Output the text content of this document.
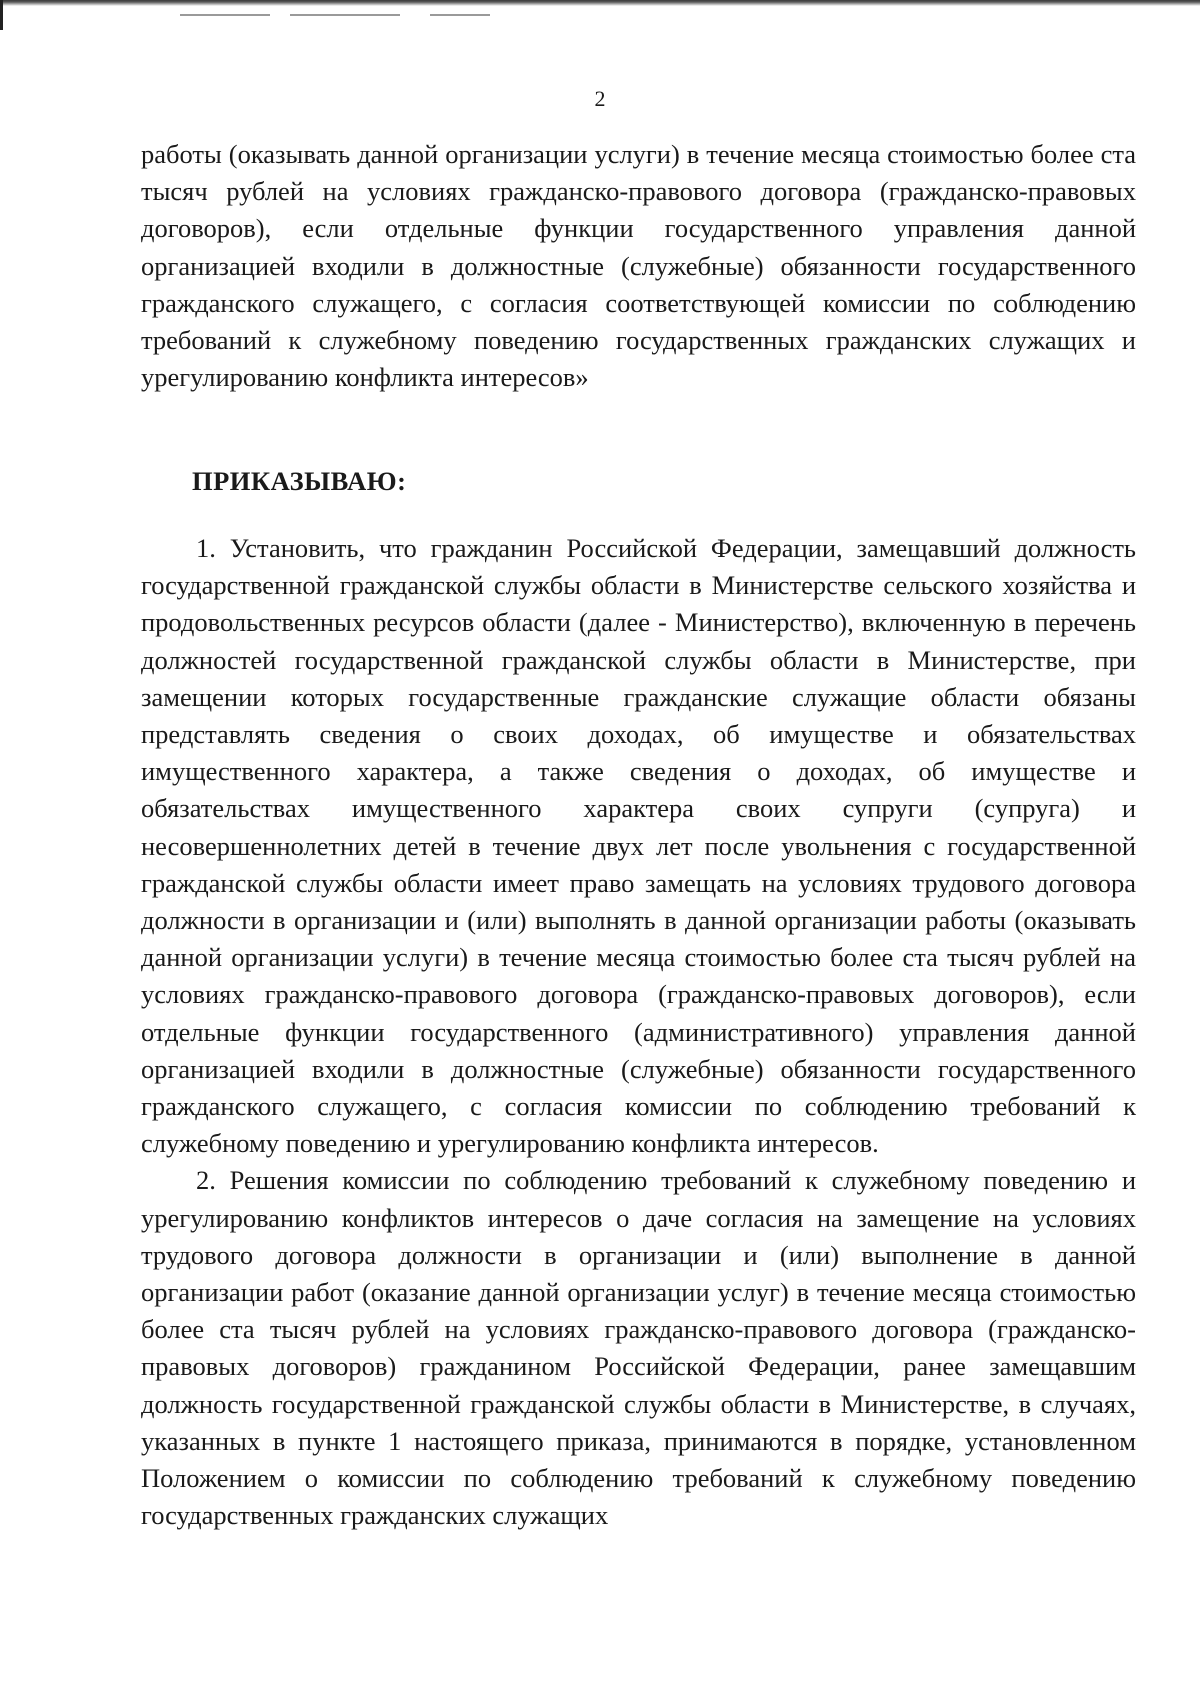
2

работы (оказывать данной организации услуги) в течение месяца стоимостью более ста тысяч рублей на условиях гражданско-правового договора (гражданско-правовых договоров), если отдельные функции государственного управления данной организацией входили в должностные (служебные) обязанности государственного гражданского служащего, с согласия соответствующей комиссии по соблюдению требований к служебному поведению государственных гражданских служащих и урегулированию конфликта интересов»

ПРИКАЗЫВАЮ:

1. Установить, что гражданин Российской Федерации, замещавший должность государственной гражданской службы области в Министерстве сельского хозяйства и продовольственных ресурсов области (далее - Министерство), включенную в перечень должностей государственной гражданской службы области в Министерстве, при замещении которых государственные гражданские служащие области обязаны представлять сведения о своих доходах, об имуществе и обязательствах имущественного характера, а также сведения о доходах, об имуществе и обязательствах имущественного характера своих супруги (супруга) и несовершеннолетних детей в течение двух лет после увольнения с государственной гражданской службы области имеет право замещать на условиях трудового договора должности в организации и (или) выполнять в данной организации работы (оказывать данной организации услуги) в течение месяца стоимостью более ста тысяч рублей на условиях гражданско-правового договора (гражданско-правовых договоров), если отдельные функции государственного (административного) управления данной организацией входили в должностные (служебные) обязанности государственного гражданского служащего, с согласия комиссии по соблюдению требований к служебному поведению и урегулированию конфликта интересов.

2. Решения комиссии по соблюдению требований к служебному поведению и урегулированию конфликтов интересов о даче согласия на замещение на условиях трудового договора должности в организации и (или) выполнение в данной организации работ (оказание данной организации услуг) в течение месяца стоимостью более ста тысяч рублей на условиях гражданско-правового договора (гражданско-правовых договоров) гражданином Российской Федерации, ранее замещавшим должность государственной гражданской службы области в Министерстве, в случаях, указанных в пункте 1 настоящего приказа, принимаются в порядке, установленном Положением о комиссии по соблюдению требований к служебному поведению государственных гражданских служащих
